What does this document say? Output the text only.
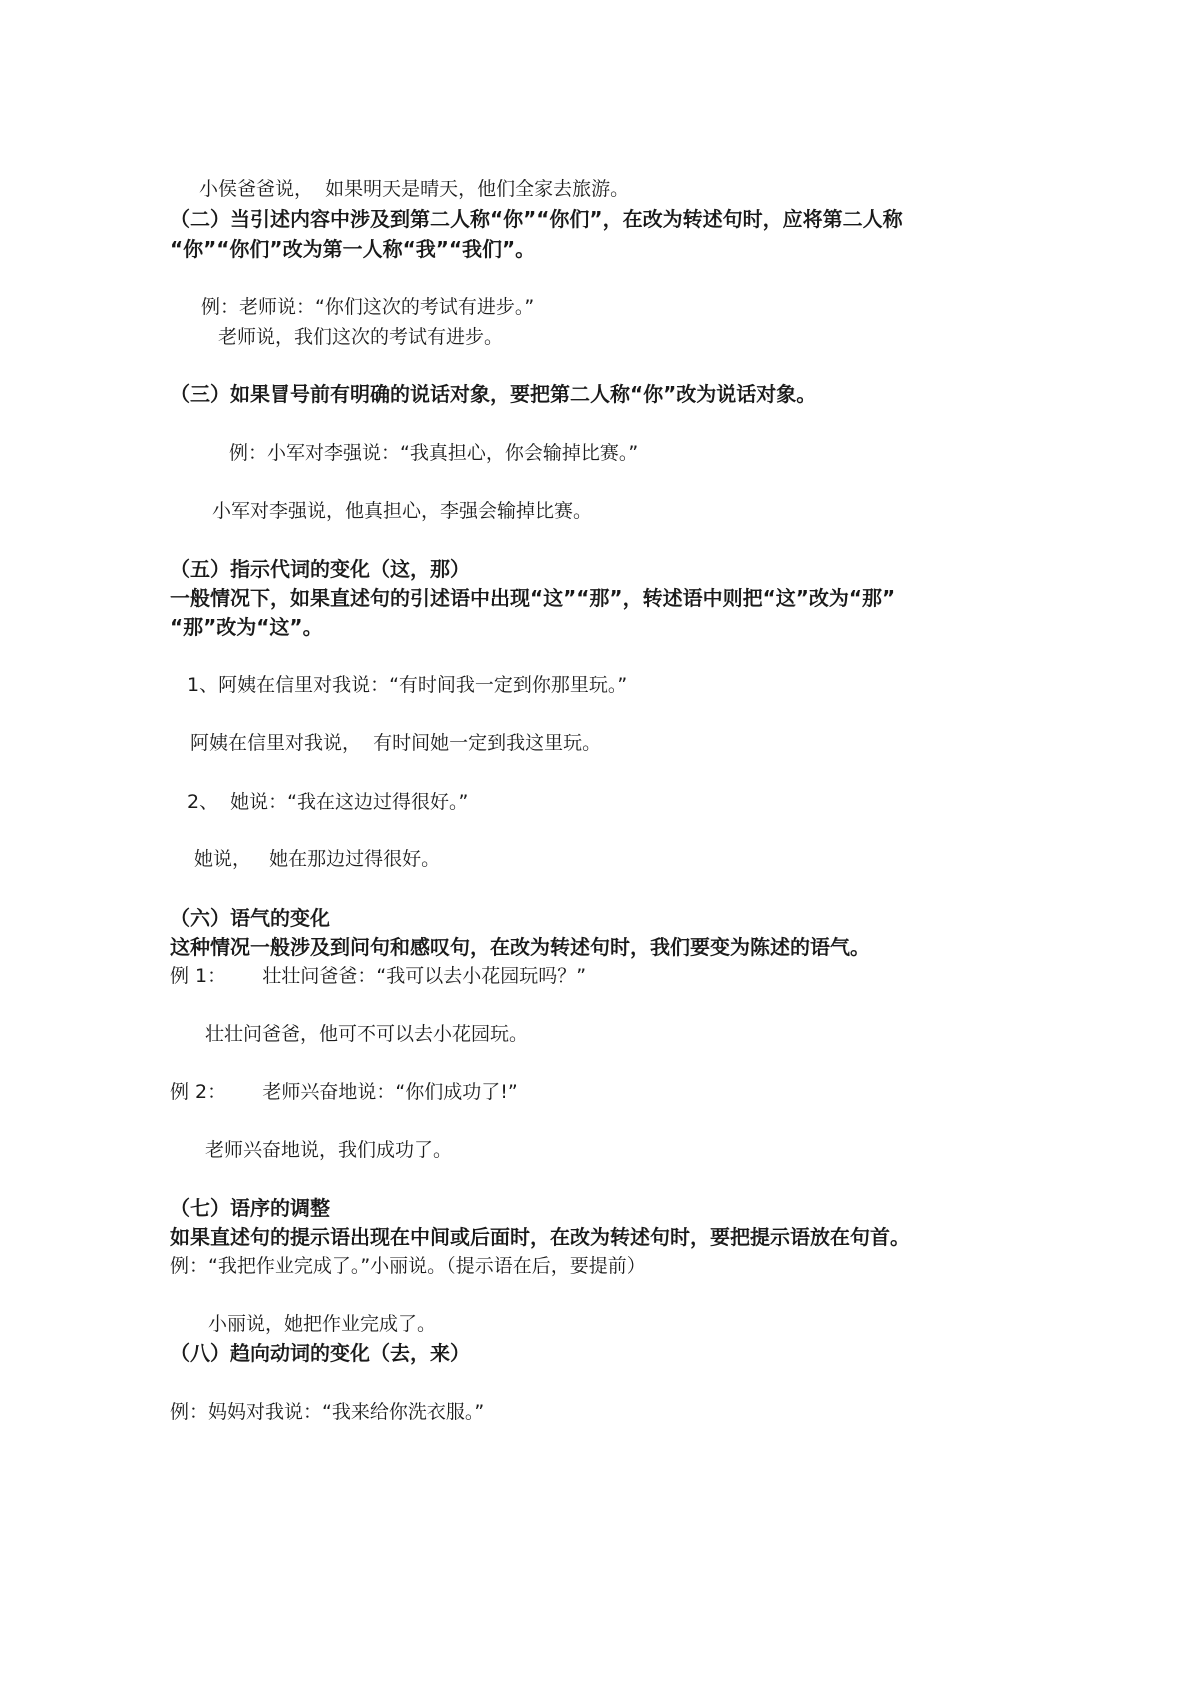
小侯爸爸说，  如果明天是晴天，他们全家去旅游。
（二）当引述内容中涉及到第二人称“你”“你们”，在改为转述句时，应将第二人称
“你”“你们”改为第一人称“我”“我们”。
例：老师说：“你们这次的考试有进步。”
老师说，我们这次的考试有进步。
（三）如果冒号前有明确的说话对象，要把第二人称“你”改为说话对象。
例：小军对李强说：“我真担心，你会输掉比赛。”
小军对李强说，他真担心，李强会输掉比赛。
（五）指示代词的变化（这，那）
一般情况下，如果直述句的引述语中出现“这”“那”，转述语中则把“这”改为“那”
“那”改为“这”。
1、阿姨在信里对我说：“有时间我一定到你那里玩。”
阿姨在信里对我说，  有时间她一定到我这里玩。
2、  她说：“我在这边过得很好。”
她说，   她在那边过得很好。
（六）语气的变化
这种情况一般涉及到问句和感叹句，在改为转述句时，我们要变为陈述的语气。
例 1：      壮壮问爸爸：“我可以去小花园玩吗？”
壮壮问爸爸，他可不可以去小花园玩。
例 2：      老师兴奋地说：“你们成功了!”
老师兴奋地说，我们成功了。
（七）语序的调整
如果直述句的提示语出现在中间或后面时，在改为转述句时，要把提示语放在句首。
例：“我把作业完成了。”小丽说。（提示语在后，要提前）
小丽说，她把作业完成了。
（八）趋向动词的变化（去，来）
例：妈妈对我说：“我来给你洗衣服。”
